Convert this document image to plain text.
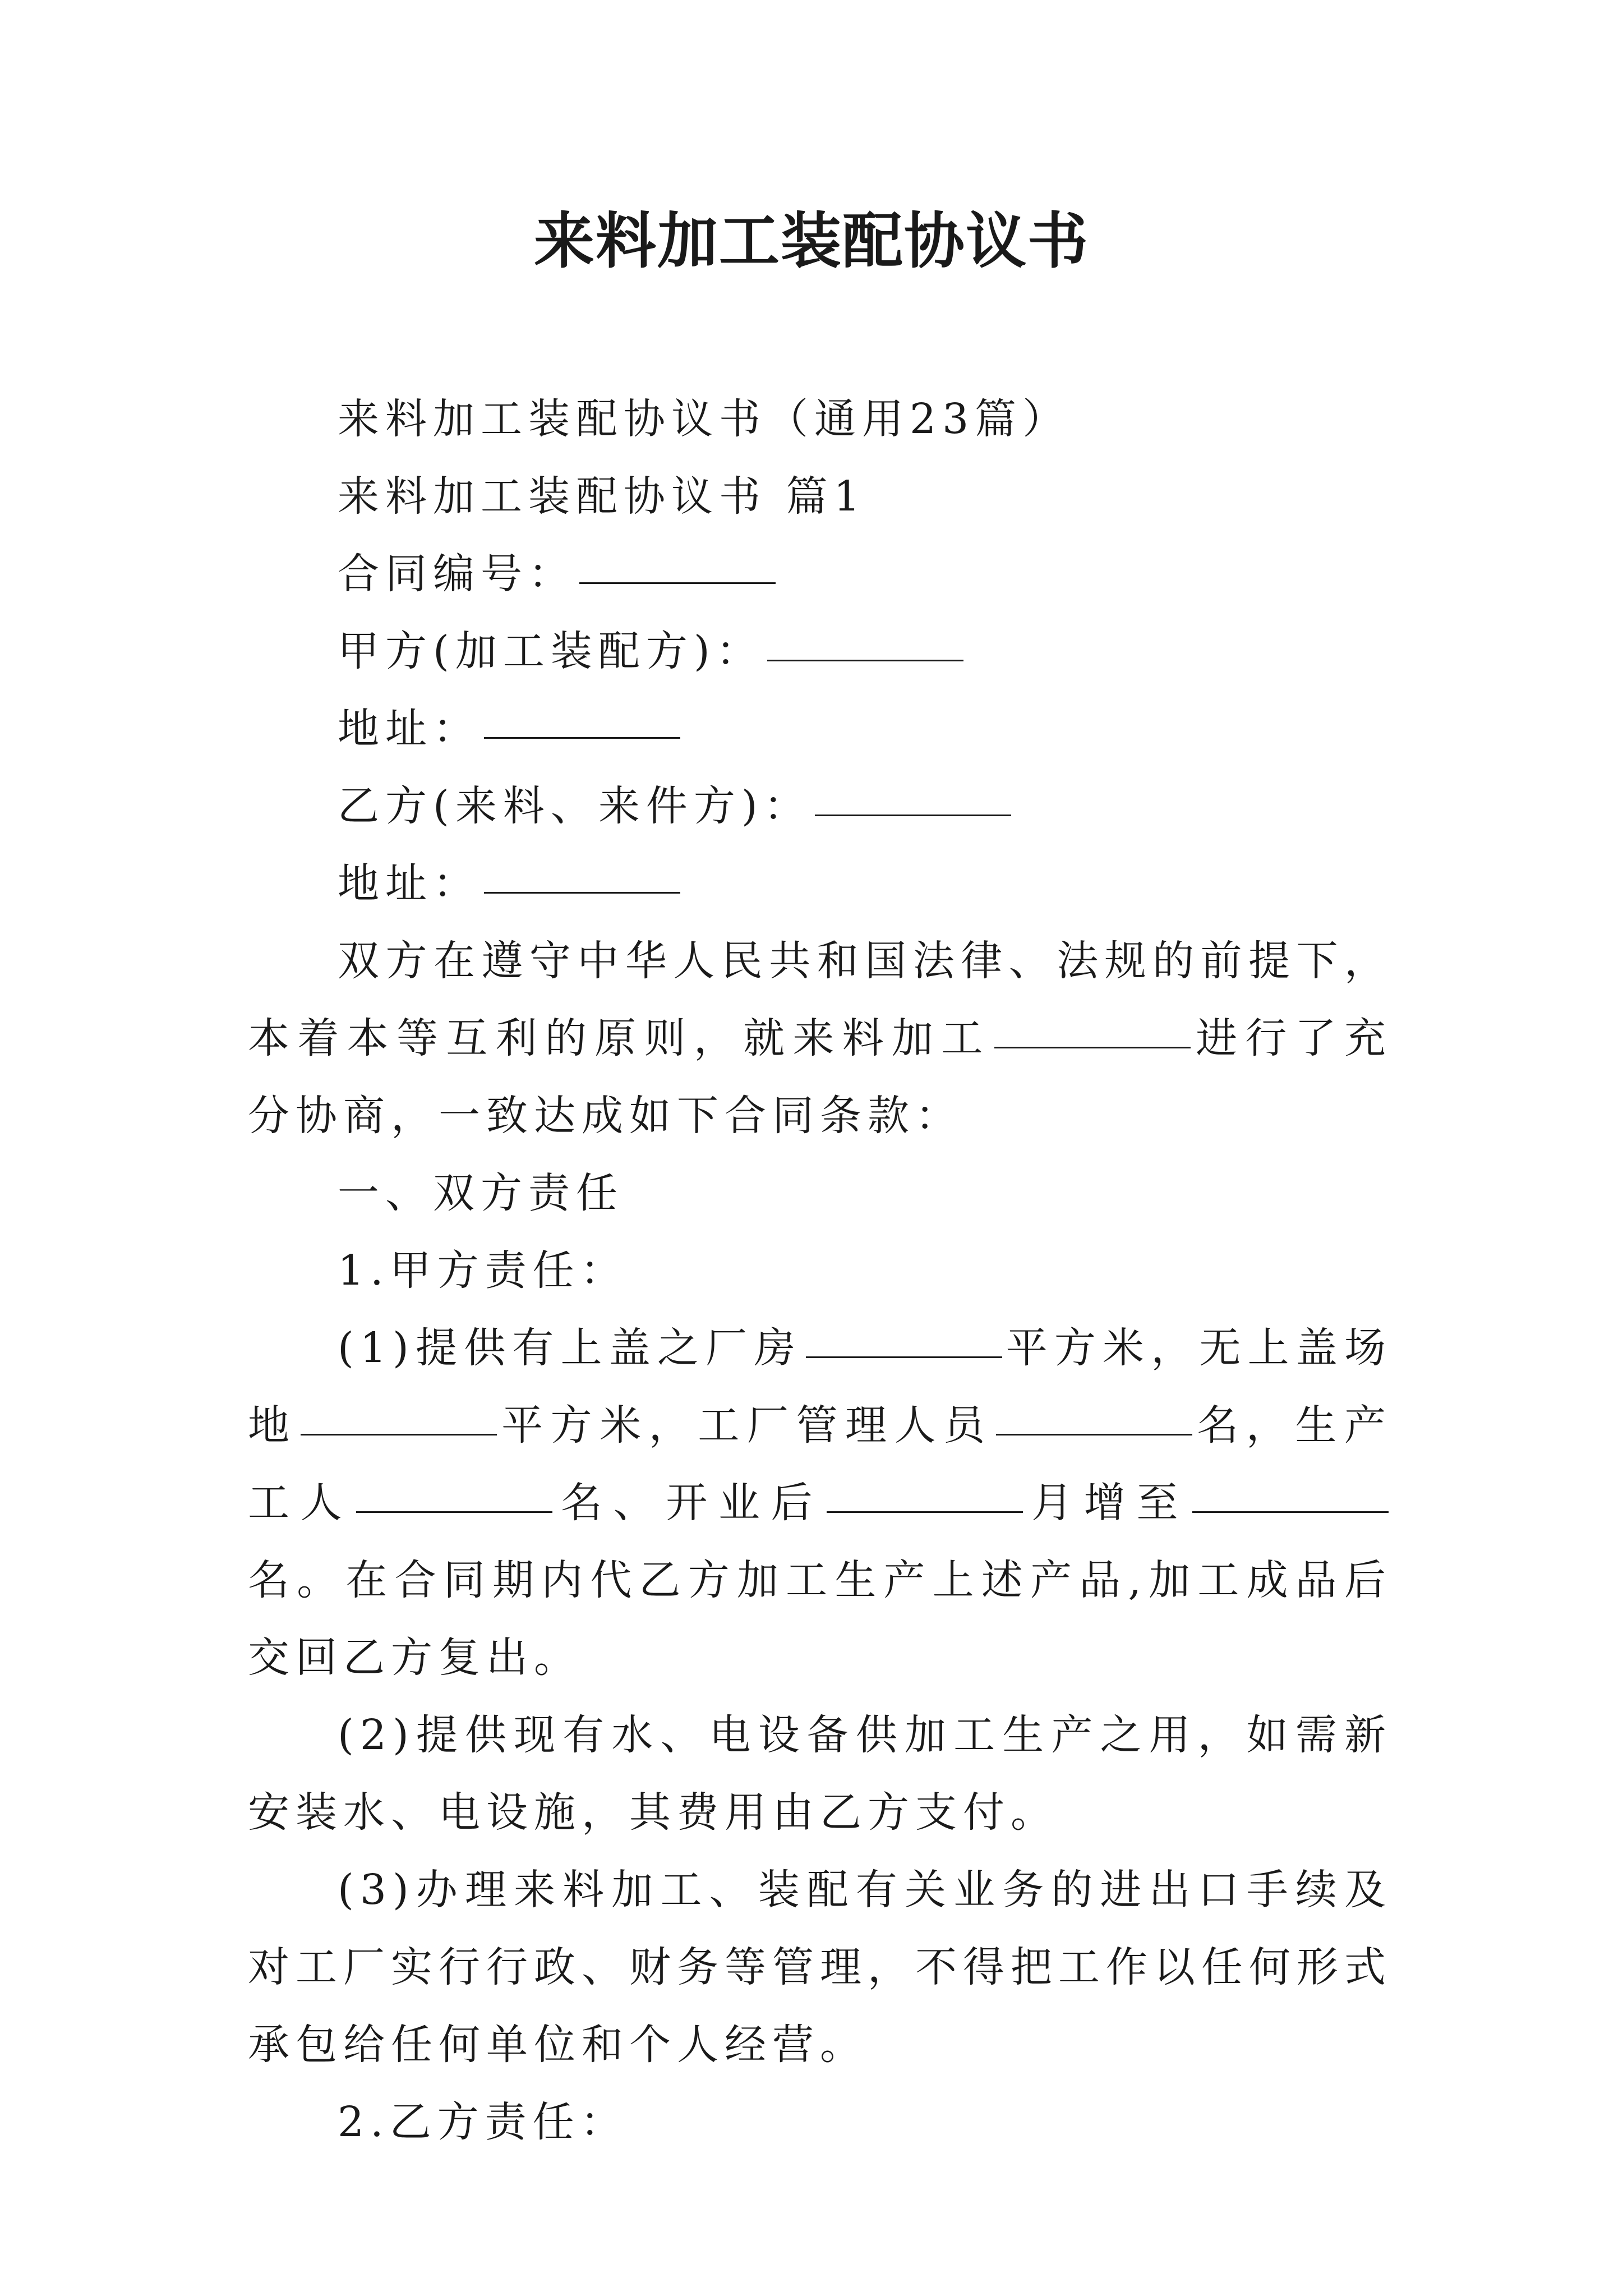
来料加工装配协议书

来料加工装配协议书（通用23篇）

来料加工装配协议书 篇1

合同编号：

甲方(加工装配方)：

地址：

乙方(来料、来件方)：

地址：

双方在遵守中华人民共和国法律、法规的前提下，本着本等互利的原则，就来料加工	进行了充分协商，一致达成如下合同条款：

一、双方责任

1.甲方责任：

(1)提供有上盖之厂房	平方米，无上盖场地	平方米，工厂管理人员	名，生产工人	名、开业后	月增至名。在合同期内代乙方加工生产上述产品,加工成品后交回乙方复出。

(2)提供现有水、电设备供加工生产之用，如需新安装水、电设施，其费用由乙方支付。

(3)办理来料加工、装配有关业务的进出口手续及对工厂实行行政、财务等管理，不得把工作以任何形式承包给任何单位和个人经营。

2.乙方责任：
